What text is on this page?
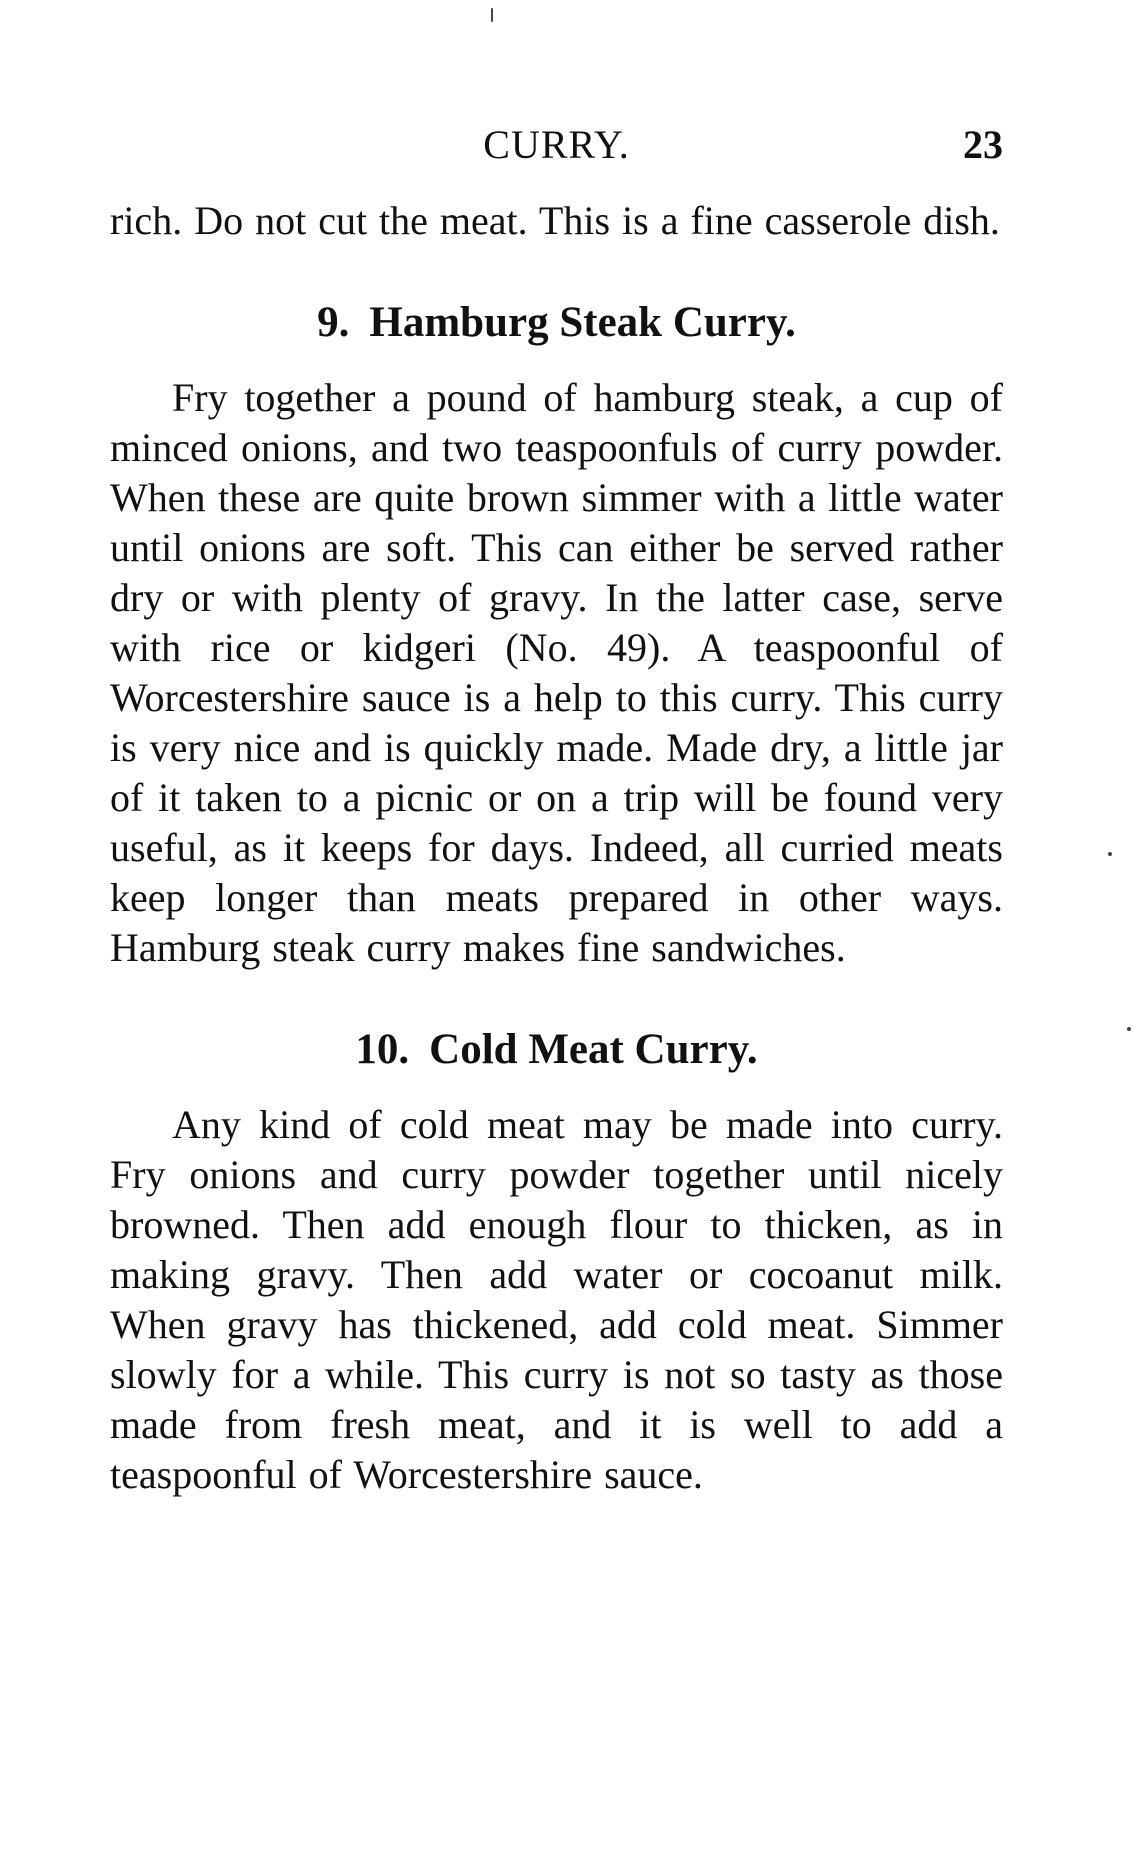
CURRY.	23

rich. Do not cut the meat. This is a fine casserole dish.

9. Hamburg Steak Curry.

Fry together a pound of hamburg steak, a cup of minced onions, and two teaspoonfuls of curry powder. When these are quite brown simmer with a little water until onions are soft. This can either be served rather dry or with plenty of gravy. In the latter case, serve with rice or kidgeri (No. 49). A teaspoonful of Worcestershire sauce is a help to this curry. This curry is very nice and is quickly made. Made dry, a little jar of it taken to a picnic or on a trip will be found very useful, as it keeps for days. Indeed, all curried meats keep longer than meats prepared in other ways. Hamburg steak curry makes fine sandwiches.

10. Cold Meat Curry.

Any kind of cold meat may be made into curry. Fry onions and curry powder together until nicely browned. Then add enough flour to thicken, as in making gravy. Then add water or cocoanut milk. When gravy has thickened, add cold meat. Simmer slowly for a while. This curry is not so tasty as those made from fresh meat, and it is well to add a teaspoonful of Worcestershire sauce.
